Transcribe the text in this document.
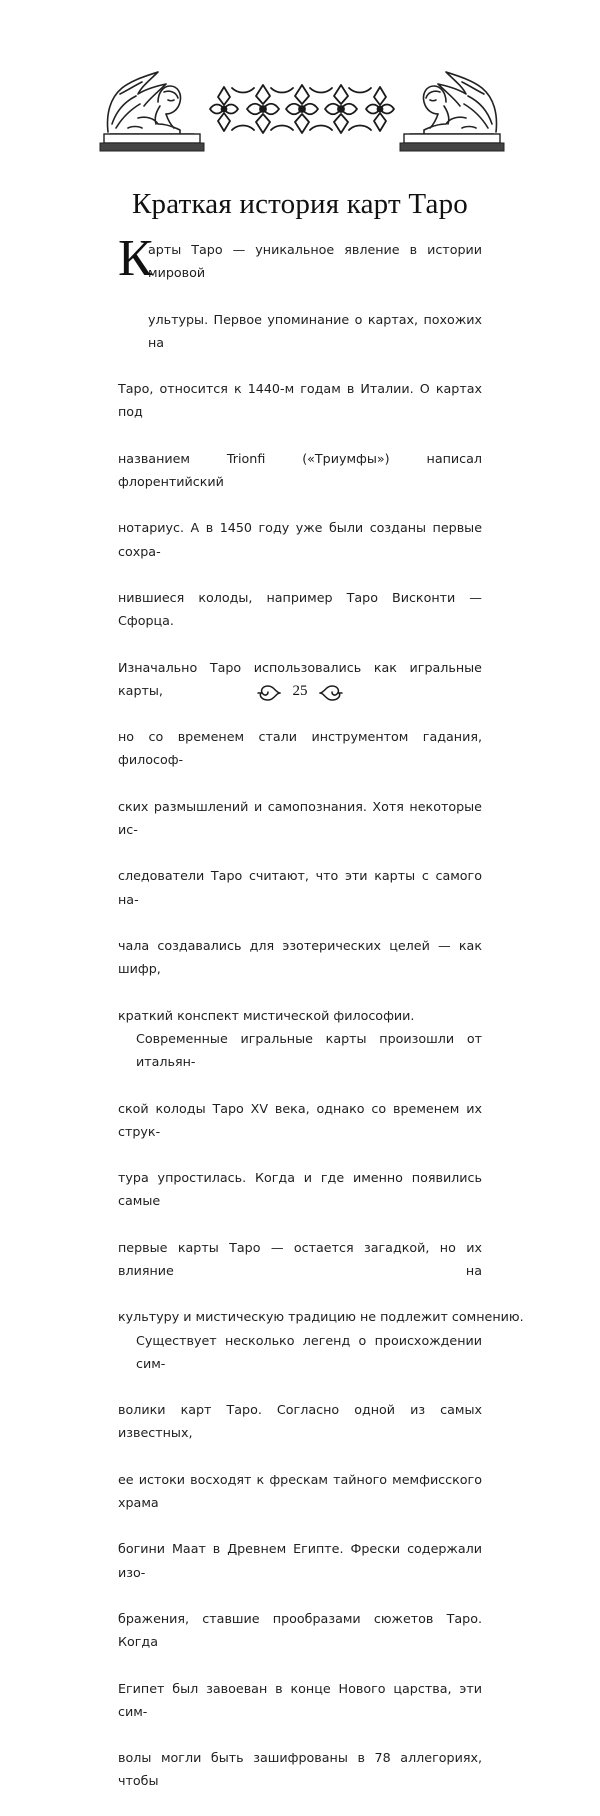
Краткая история карт Таро
К
арты Таро — уникальное явление в истории мировой
ультуры. Первое упоминание о картах, похожих на
Таро, относится к 1440-м годам в Италии. О картах под
названием Trionfi («Триумфы») написал флорентийский
нотариус. А в 1450 году уже были созданы первые сохра-
нившиеся колоды, например Таро Висконти — Сфорца.
Изначально Таро использовались как игральные карты,
но со временем стали инструментом гадания, философ-
ских размышлений и самопознания. Хотя некоторые ис-
следователи Таро считают, что эти карты с самого на-
чала создавались для эзотерических целей — как шифр,
краткий конспект мистической философии.
Современные игральные карты произошли от итальян-
ской колоды Таро XV века, однако со временем их струк-
тура упростилась. Когда и где именно появились самые
первые карты Таро — остается загадкой, но их влияние на
культуру и мистическую традицию не подлежит сомнению.
Существует несколько легенд о происхождении сим-
волики карт Таро. Согласно одной из самых известных,
ее истоки восходят к фрескам тайного мемфисского храма
богини Маат в Древнем Египте. Фрески содержали изо-
бражения, ставшие прообразами сюжетов Таро. Когда
Египет был завоеван в конце Нового царства, эти сим-
волы могли быть зашифрованы в 78 аллегориях, чтобы
25
